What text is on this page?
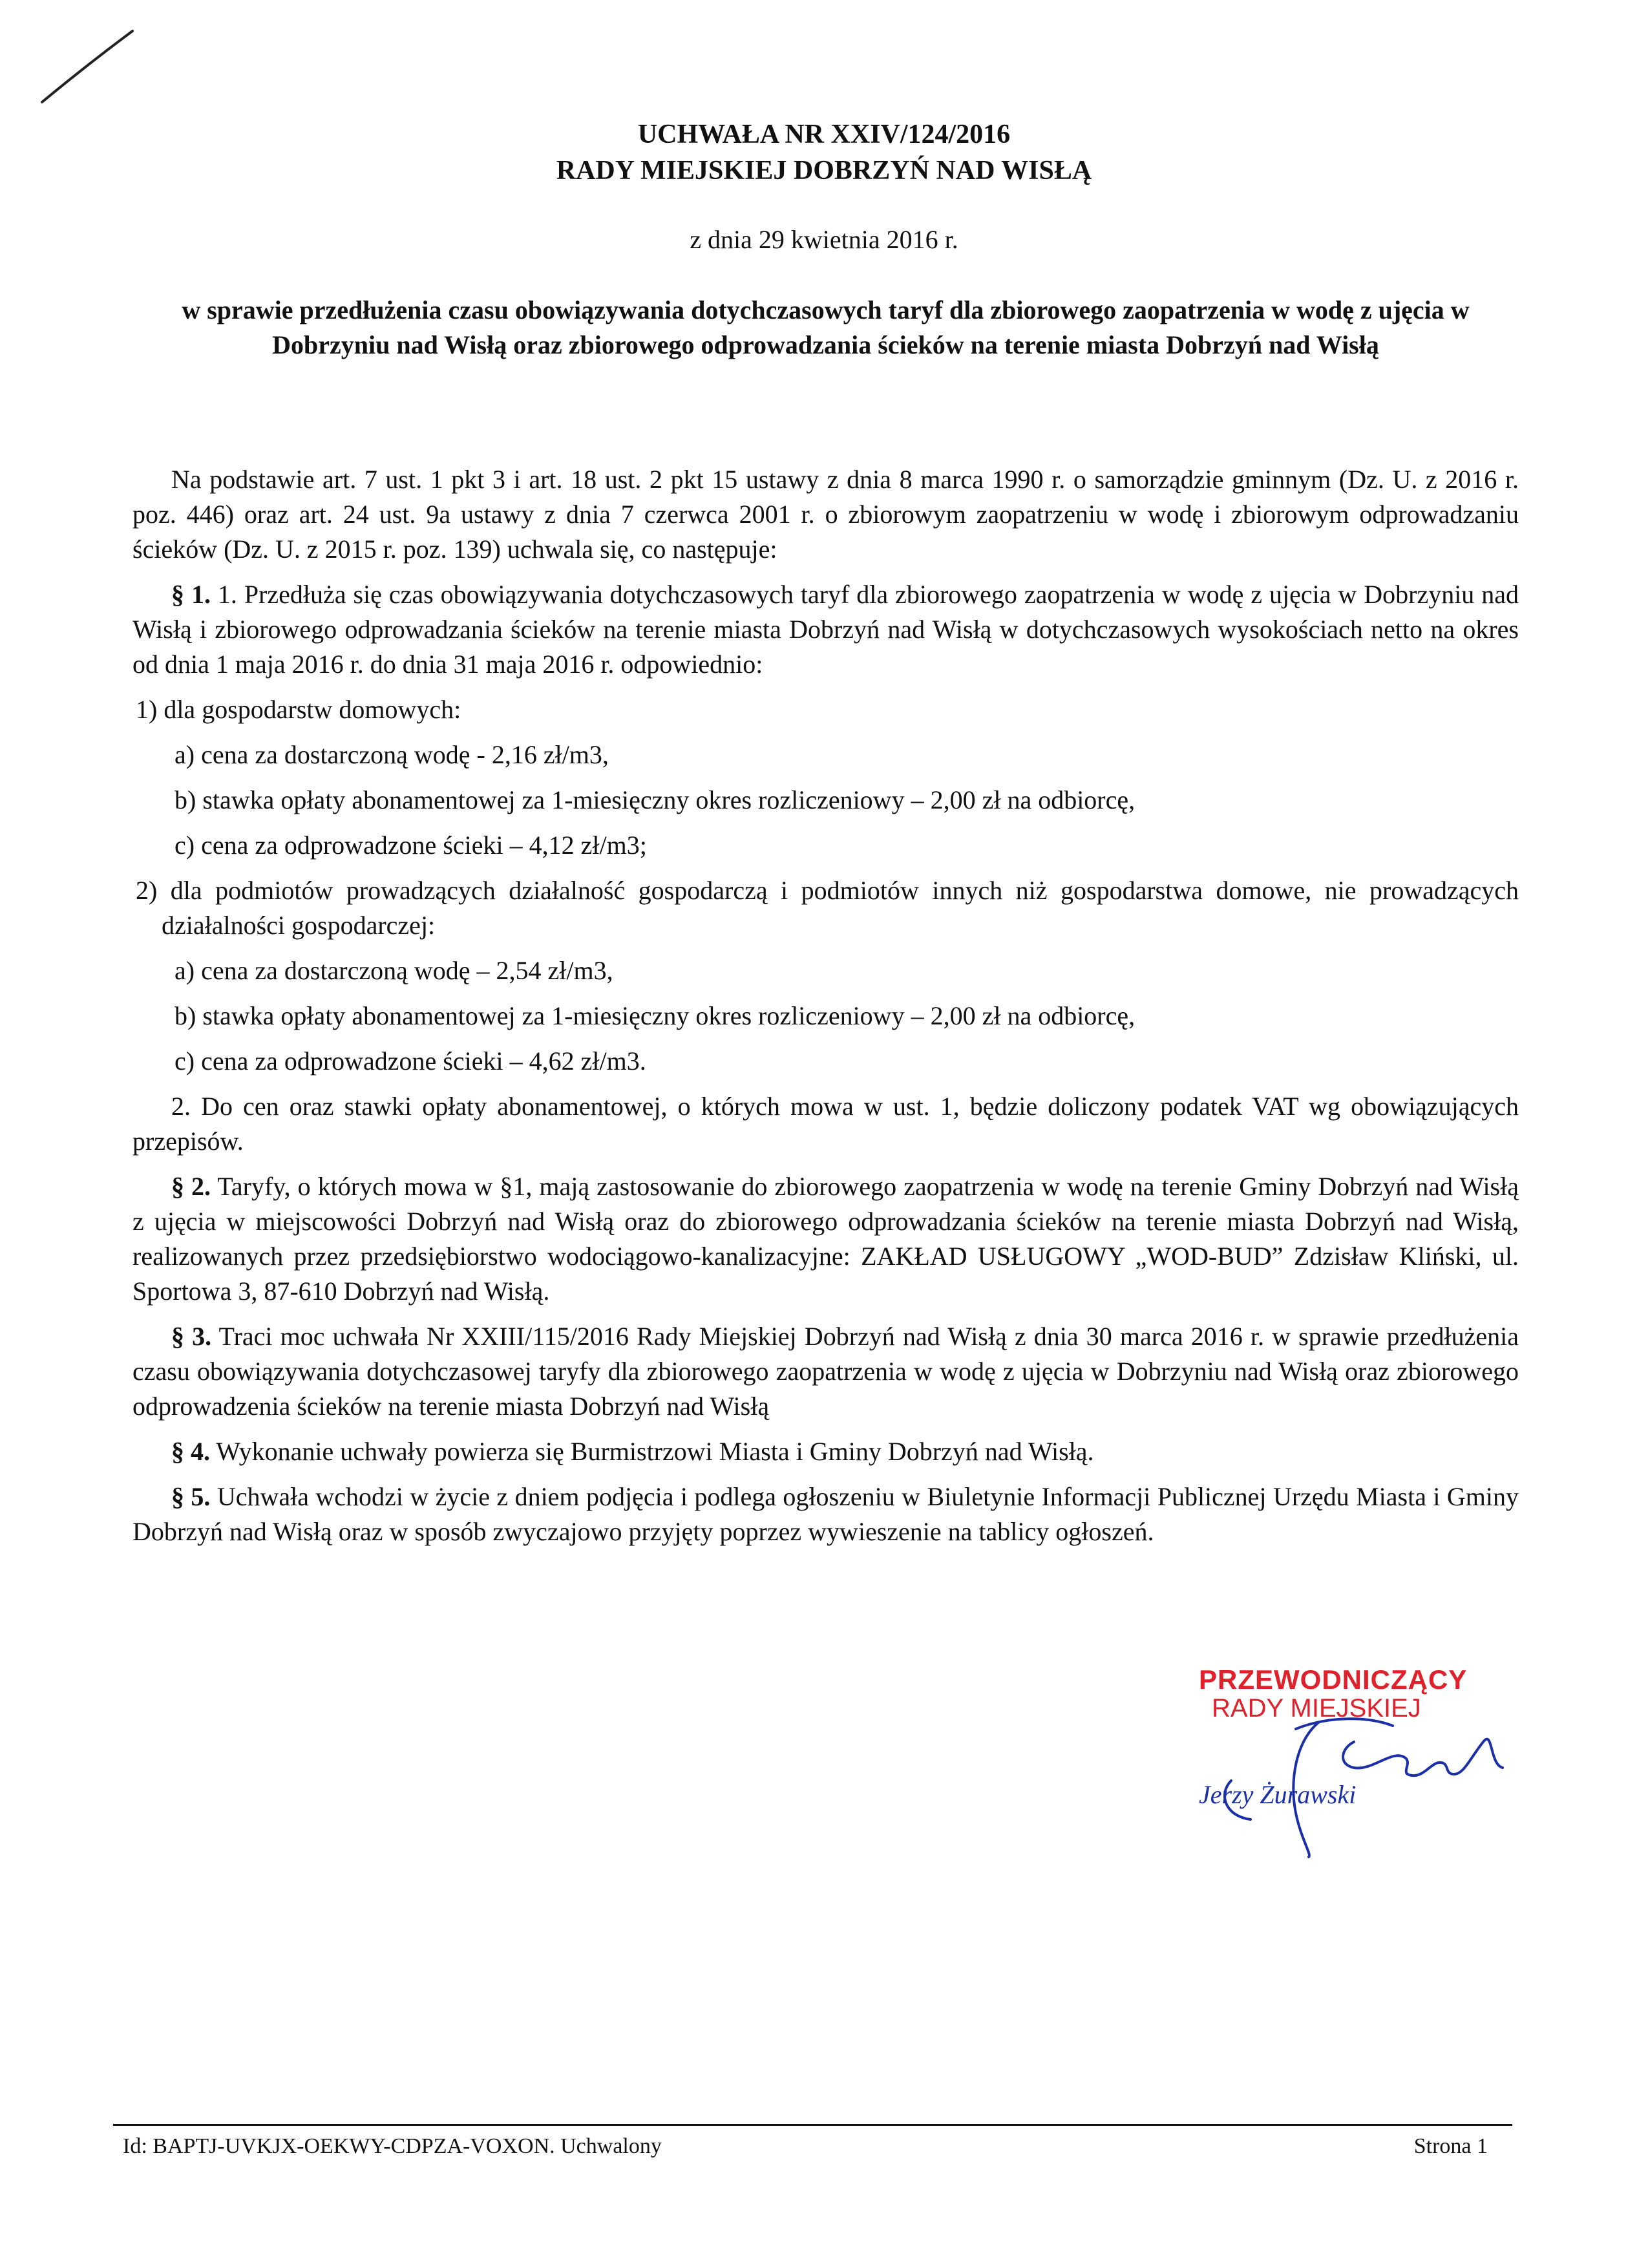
UCHWAŁA NR XXIV/124/2016
RADY MIEJSKIEJ DOBRZYŃ NAD WISŁĄ
z dnia 29 kwietnia 2016 r.
w sprawie przedłużenia czasu obowiązywania dotychczasowych taryf dla zbiorowego zaopatrzenia w wodę z ujęcia w Dobrzyniu nad Wisłą oraz zbiorowego odprowadzania ścieków na terenie miasta Dobrzyń nad Wisłą

Na podstawie art. 7 ust. 1 pkt 3 i art. 18 ust. 2 pkt 15 ustawy z dnia 8 marca 1990 r. o samorządzie gminnym (Dz. U. z 2016 r. poz. 446) oraz art. 24 ust. 9a ustawy z dnia 7 czerwca 2001 r. o zbiorowym zaopatrzeniu w wodę i zbiorowym odprowadzaniu ścieków (Dz. U. z 2015 r. poz. 139) uchwala się, co następuje:

§ 1. 1. Przedłuża się czas obowiązywania dotychczasowych taryf dla zbiorowego zaopatrzenia w wodę z ujęcia w Dobrzyniu nad Wisłą i zbiorowego odprowadzania ścieków na terenie miasta Dobrzyń nad Wisłą w dotychczasowych wysokościach netto na okres od dnia 1 maja 2016 r. do dnia 31 maja 2016 r. odpowiednio:

1) dla gospodarstw domowych:

a) cena za dostarczoną wodę - 2,16 zł/m3,

b) stawka opłaty abonamentowej za 1-miesięczny okres rozliczeniowy – 2,00 zł na odbiorcę,

c) cena za odprowadzone ścieki – 4,12 zł/m3;

2) dla podmiotów prowadzących działalność gospodarczą i podmiotów innych niż gospodarstwa domowe, nie prowadzących działalności gospodarczej:

a) cena za dostarczoną wodę – 2,54 zł/m3,

b) stawka opłaty abonamentowej za 1-miesięczny okres rozliczeniowy – 2,00 zł na odbiorcę,

c) cena za odprowadzone ścieki – 4,62 zł/m3.

2. Do cen oraz stawki opłaty abonamentowej, o których mowa w ust. 1, będzie doliczony podatek VAT wg obowiązujących przepisów.

§ 2. Taryfy, o których mowa w §1, mają zastosowanie do zbiorowego zaopatrzenia w wodę na terenie Gminy Dobrzyń nad Wisłą z ujęcia w miejscowości Dobrzyń nad Wisłą oraz do zbiorowego odprowadzania ścieków na terenie miasta Dobrzyń nad Wisłą, realizowanych przez przedsiębiorstwo wodociągowo-kanalizacyjne: ZAKŁAD USŁUGOWY „WOD-BUD” Zdzisław Kliński, ul. Sportowa 3, 87-610 Dobrzyń nad Wisłą.

§ 3. Traci moc uchwała Nr XXIII/115/2016 Rady Miejskiej Dobrzyń nad Wisłą z dnia 30 marca 2016 r. w sprawie przedłużenia czasu obowiązywania dotychczasowej taryfy dla zbiorowego zaopatrzenia w wodę z ujęcia w Dobrzyniu nad Wisłą oraz zbiorowego odprowadzenia ścieków na terenie miasta Dobrzyń nad Wisłą

§ 4. Wykonanie uchwały powierza się Burmistrzowi Miasta i Gminy Dobrzyń nad Wisłą.

§ 5. Uchwała wchodzi w życie z dniem podjęcia i podlega ogłoszeniu w Biuletynie Informacji Publicznej Urzędu Miasta i Gminy Dobrzyń nad Wisłą oraz w sposób zwyczajowo przyjęty poprzez wywieszenie na tablicy ogłoszeń.

PRZEWODNICZĄCY
RADY MIEJSKIEJ
Jerzy Żurawski
Id: BAPTJ-UVKJX-OEKWY-CDPZA-VOXON. Uchwalony	Strona 1
